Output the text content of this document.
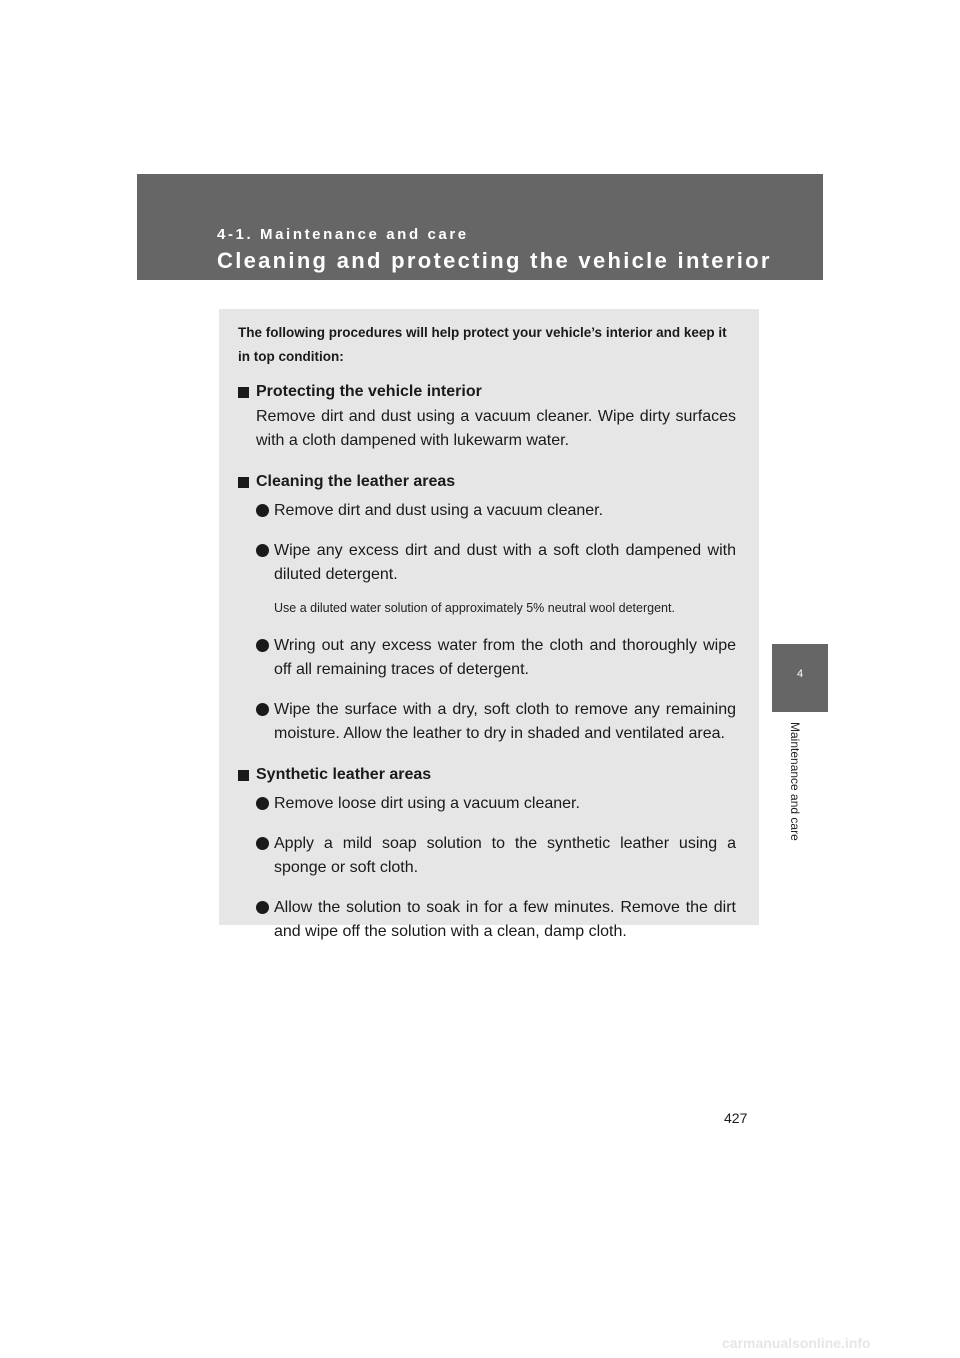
4-1. Maintenance and care
Cleaning and protecting the vehicle interior
4
Maintenance and care

The following procedures will help protect your vehicle’s interior and keep it in top condition:

Protecting the vehicle interior

Remove dirt and dust using a vacuum cleaner. Wipe dirty surfaces with a cloth dampened with lukewarm water.

Cleaning the leather areas

Remove dirt and dust using a vacuum cleaner.

Wipe any excess dirt and dust with a soft cloth dampened with diluted detergent.

Use a diluted water solution of approximately 5% neutral wool detergent.

Wring out any excess water from the cloth and thoroughly wipe off all remaining traces of detergent.

Wipe the surface with a dry, soft cloth to remove any remaining moisture. Allow the leather to dry in shaded and ventilated area.

Synthetic leather areas

Remove loose dirt using a vacuum cleaner.

Apply a mild soap solution to the synthetic leather using a sponge or soft cloth.

Allow the solution to soak in for a few minutes. Remove the dirt and wipe off the solution with a clean, damp cloth.

427
carmanualsonline.info
